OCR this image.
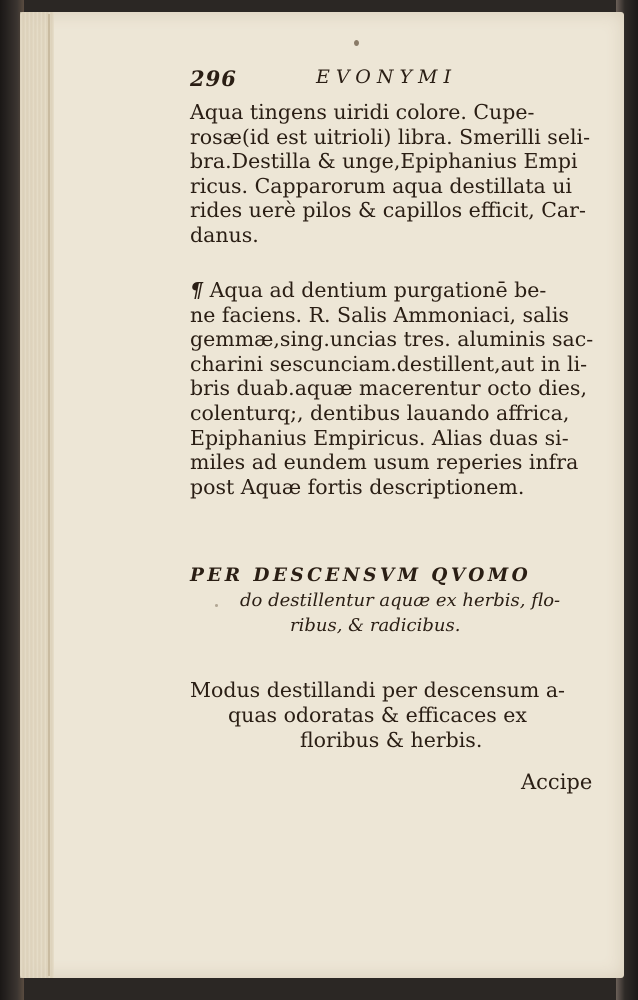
296	EVONYMI
Aqua tingens uiridi colore. Cupe-
rosæ(id est uitrioli) libra. Smerilli seli-
bra.Destilla & unge,Epiphanius Empi
ricus. Capparorum aqua destillata ui
rides uerè pilos & capillos efficit, Car-
danus.
¶ Aqua ad dentium purgationē be-
ne faciens. R. Salis Ammoniaci, salis
gemmæ,sing.uncias tres. aluminis sac-
charini sescunciam.destillent,aut in li-
bris duab.aquæ macerentur octo dies,
colenturq;, dentibus lauando affrica,
Epiphanius Empiricus. Alias duas si-
miles ad eundem usum reperies infra
post Aquæ fortis descriptionem.
PER DESCENSVM QVOMO
do destillentur aquæ ex herbis, flo-
ribus, & radicibus.
Modus destillandi per descensum a-
quas odoratas & efficaces ex
floribus & herbis.
Accipe
